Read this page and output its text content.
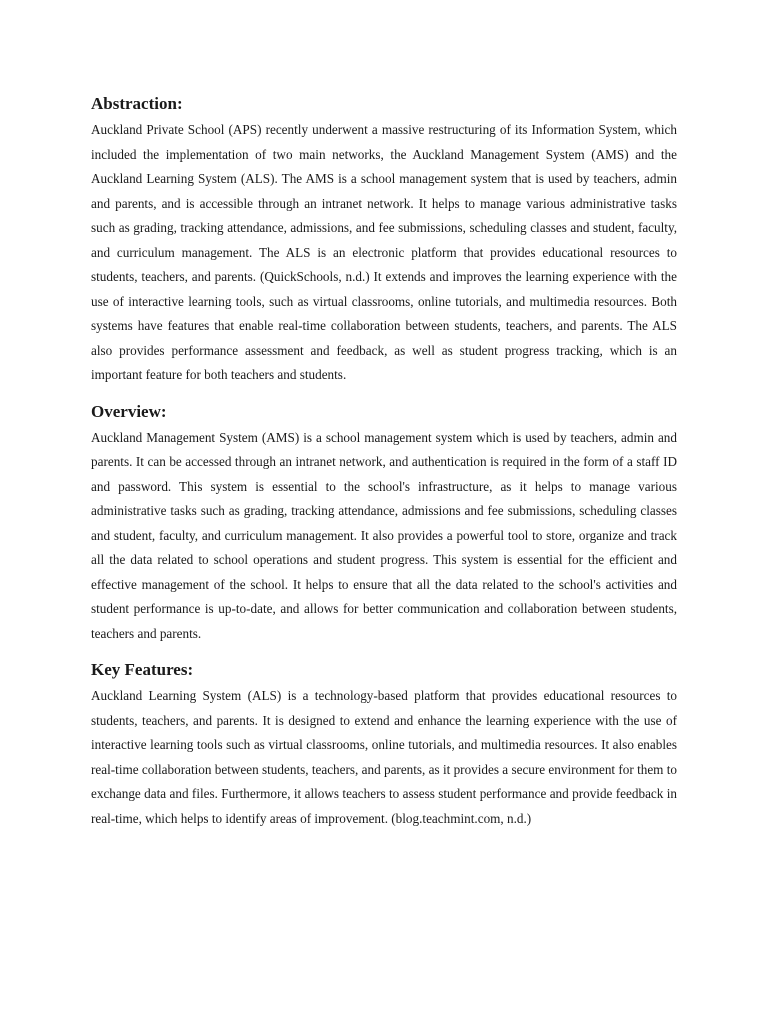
Abstraction:

Auckland Private School (APS) recently underwent a massive restructuring of its Information System, which included the implementation of two main networks, the Auckland Management System (AMS) and the Auckland Learning System (ALS). The AMS is a school management system that is used by teachers, admin and parents, and is accessible through an intranet network. It helps to manage various administrative tasks such as grading, tracking attendance, admissions, and fee submissions, scheduling classes and student, faculty, and curriculum management. The ALS is an electronic platform that provides educational resources to students, teachers, and parents. (QuickSchools, n.d.) It extends and improves the learning experience with the use of interactive learning tools, such as virtual classrooms, online tutorials, and multimedia resources. Both systems have features that enable real-time collaboration between students, teachers, and parents. The ALS also provides performance assessment and feedback, as well as student progress tracking, which is an important feature for both teachers and students.

Overview:

Auckland Management System (AMS) is a school management system which is used by teachers, admin and parents. It can be accessed through an intranet network, and authentication is required in the form of a staff ID and password. This system is essential to the school's infrastructure, as it helps to manage various administrative tasks such as grading, tracking attendance, admissions and fee submissions, scheduling classes and student, faculty, and curriculum management. It also provides a powerful tool to store, organize and track all the data related to school operations and student progress. This system is essential for the efficient and effective management of the school. It helps to ensure that all the data related to the school's activities and student performance is up-to-date, and allows for better communication and collaboration between students, teachers and parents.

Key Features:

Auckland Learning System (ALS) is a technology-based platform that provides educational resources to students, teachers, and parents. It is designed to extend and enhance the learning experience with the use of interactive learning tools such as virtual classrooms, online tutorials, and multimedia resources. It also enables real-time collaboration between students, teachers, and parents, as it provides a secure environment for them to exchange data and files. Furthermore, it allows teachers to assess student performance and provide feedback in real-time, which helps to identify areas of improvement. (blog.teachmint.com, n.d.)
